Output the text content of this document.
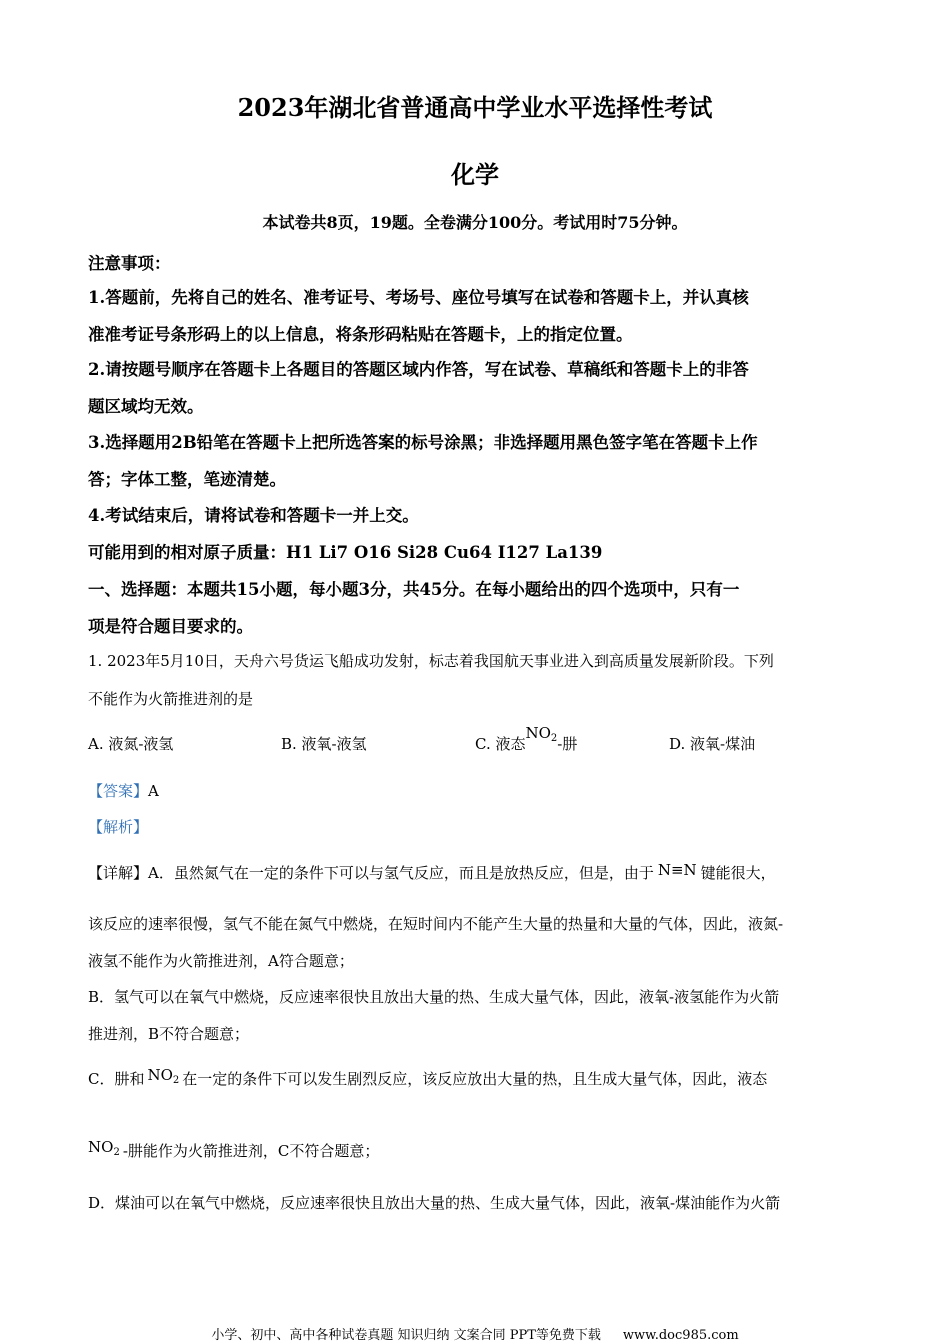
2023年湖北省普通高中学业水平选择性考试
化学
本试卷共8页，19题。全卷满分100分。考试用时75分钟。
注意事项：
1.答题前，先将自己的姓名、准考证号、考场号、座位号填写在试卷和答题卡上，并认真核
准准考证号条形码上的以上信息，将条形码粘贴在答题卡，上的指定位置。
2.请按题号顺序在答题卡上各题目的答题区域内作答，写在试卷、草稿纸和答题卡上的非答
题区域均无效。
3.选择题用2B铅笔在答题卡上把所选答案的标号涂黑；非选择题用黑色签字笔在答题卡上作
答；字体工整，笔迹清楚。
4.考试结束后，请将试卷和答题卡一并上交。
可能用到的相对原子质量：H1 Li7 O16 Si28 Cu64 I127 La139
一、选择题：本题共15小题，每小题3分，共45分。在每小题给出的四个选项中，只有一
项是符合题目要求的。
1. 2023年5月10日，天舟六号货运飞船成功发射，标志着我国航天事业进入到高质量发展新阶段。下列
不能作为火箭推进剂的是
A. 液氮-液氢	B. 液氧-液氢	C. 液态$NO_2-$肼	D. 液氧-煤油
【答案】A
【解析】
【详解】A．虽然氮气在一定的条件下可以与氢气反应，而且是放热反应，但是，由于 N≡N 键能很大，
该反应的速率很慢，氢气不能在氮气中燃烧，在短时间内不能产生大量的热量和大量的气体，因此，液氮-
液氢不能作为火箭推进剂，A符合题意；
B．氢气可以在氧气中燃烧，反应速率很快且放出大量的热、生成大量气体，因此，液氧-液氢能作为火箭
推进剂，B不符合题意；
C．肼和 $NO_2$ 在一定的条件下可以发生剧烈反应，该反应放出大量的热，且生成大量气体，因此，液态
$NO_2$ -肼能作为火箭推进剂，C不符合题意；
D．煤油可以在氧气中燃烧，反应速率很快且放出大量的热、生成大量气体，因此，液氧-煤油能作为火箭
小学、初中、高中各种试卷真题 知识归纳 文案合同 PPT等免费下载 www.doc985.com
